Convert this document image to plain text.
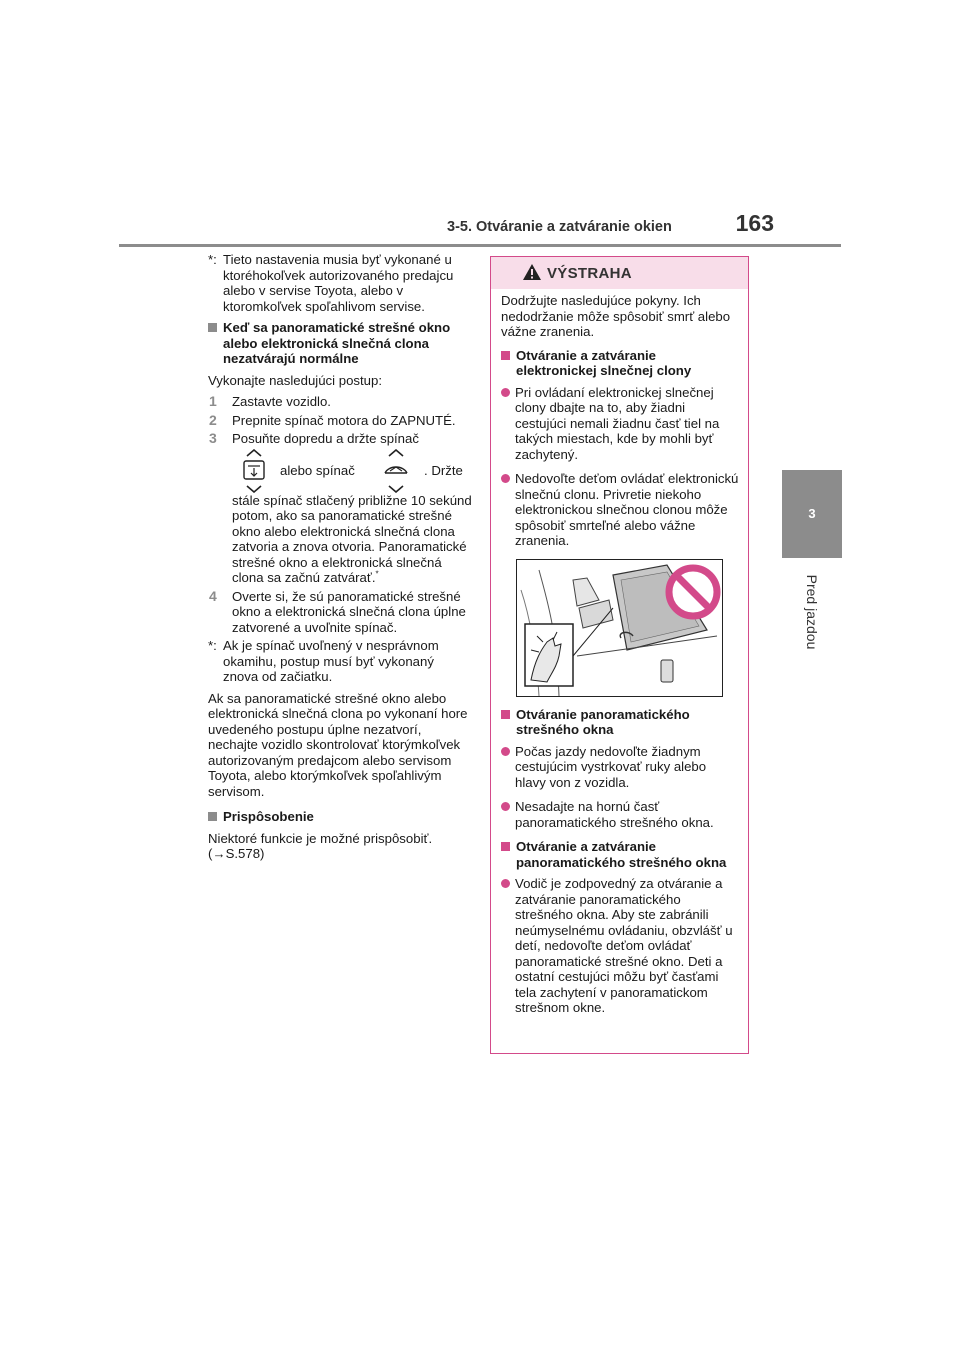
3-5. Otváranie a zatváranie okien	163
3
Pred jazdou

*: Tieto nastavenia musia byť vykonané u ktoréhokoľvek autorizovaného predajcu alebo v servise Toyota, alebo v ktoromkoľvek spoľahlivom servise.

Keď sa panoramatické strešné okno alebo elektronická slnečná clona nezatvárajú normálne

Vykonajte nasledujúci postup:

1 Zastavte vozidlo.
2 Prepnite spínač motora do ZAPNUTÉ.
3 Posuňte dopredu a držte spínač
alebo spínač	. Držte

stále spínač stlačený približne 10 sekúnd potom, ako sa panoramatické strešné okno alebo elektronická slnečná clona zatvoria a znova otvoria. Panoramatické strešné okno a elektronická slnečná clona sa začnú zatvárať.*

4 Overte si, že sú panoramatické strešné okno a elektronická slnečná clona úplne zatvorené a uvoľnite spínač.

*: Ak je spínač uvoľnený v nesprávnom okamihu, postup musí byť vykonaný znova od začiatku.

Ak sa panoramatické strešné okno alebo elektronická slnečná clona po vykonaní hore uvedeného postupu úplne nezatvorí, nechajte vozidlo skontrolovať ktorýmkoľvek autorizovaným predajcom alebo servisom Toyota, alebo ktorýmkoľvek spoľahlivým servisom.

Prispôsobenie

Niektoré funkcie je možné prispôsobiť.

(→S.578)

VÝSTRAHA

Dodržujte nasledujúce pokyny. Ich nedodržanie môže spôsobiť smrť alebo vážne zranenia.

Otváranie a zatváranie elektronickej slnečnej clony

Pri ovládaní elektronickej slnečnej clony dbajte na to, aby žiadni cestujúci nemali žiadnu časť tiel na takých miestach, kde by mohli byť zachytený.

Nedovoľte deťom ovládať elektronickú slnečnú clonu. Privretie niekoho elektronickou slnečnou clonou môže spôsobiť smrteľné alebo vážne zranenia.

Otváranie panoramatického strešného okna

Počas jazdy nedovoľte žiadnym cestujúcim vystrkovať ruky alebo hlavy von z vozidla.

Nesadajte na hornú časť panoramatického strešného okna.

Otváranie a zatváranie panoramatického strešného okna

Vodič je zodpovedný za otváranie a zatváranie panoramatického strešného okna. Aby ste zabránili neúmyselnému ovládaniu, obzvlášť u detí, nedovoľte deťom ovládať panoramatické strešné okno. Deti a ostatní cestujúci môžu byť časťami tela zachytení v panoramatickom strešnom okne.
